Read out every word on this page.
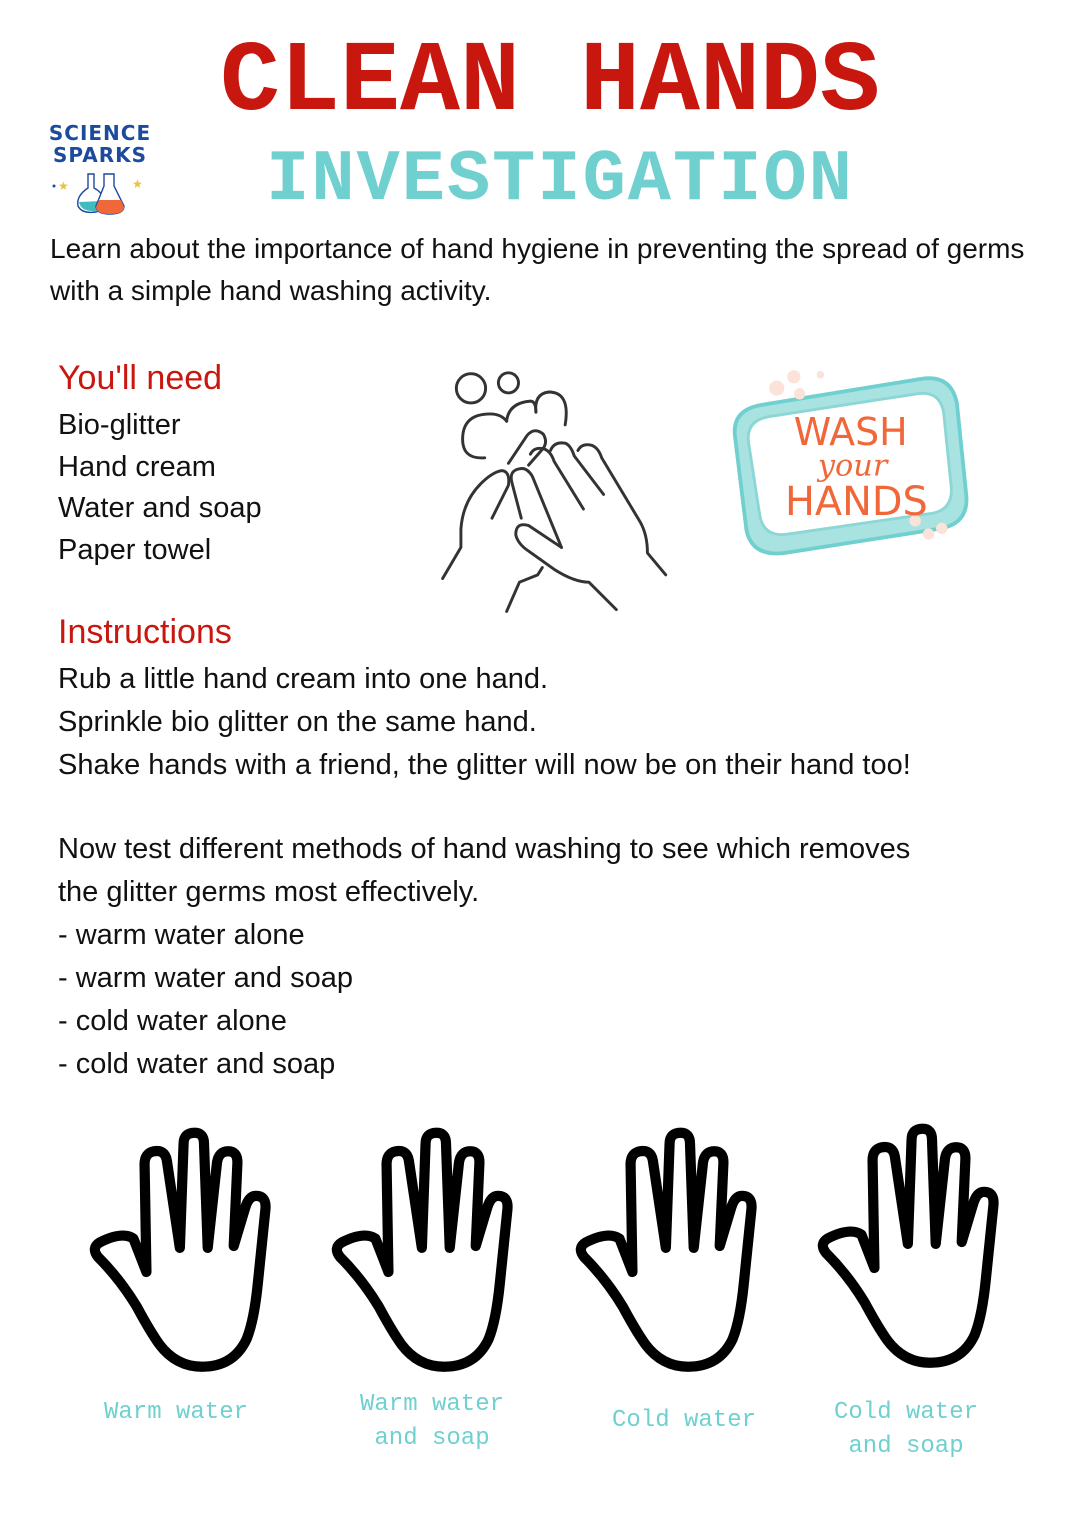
CLEAN HANDS
INVESTIGATION
SCIENCE
SPARKS
★	★
Learn about the importance of hand hygiene in preventing the spread of germs with a simple hand washing activity.
You'll need
Bio-glitter
Hand cream
Water and soap
Paper towel
WASH
your
HANDS
Instructions
Rub a little hand cream into one hand.
Sprinkle bio glitter on the same hand.
Shake hands with a friend, the glitter will now be on their hand too!
Now test different methods of hand washing to see which removes
the glitter germs most effectively.
- warm water alone
- warm water and soap
- cold water alone
- cold water and soap
Warm water	Warm water
and soap
Cold water	Cold water
and soap
